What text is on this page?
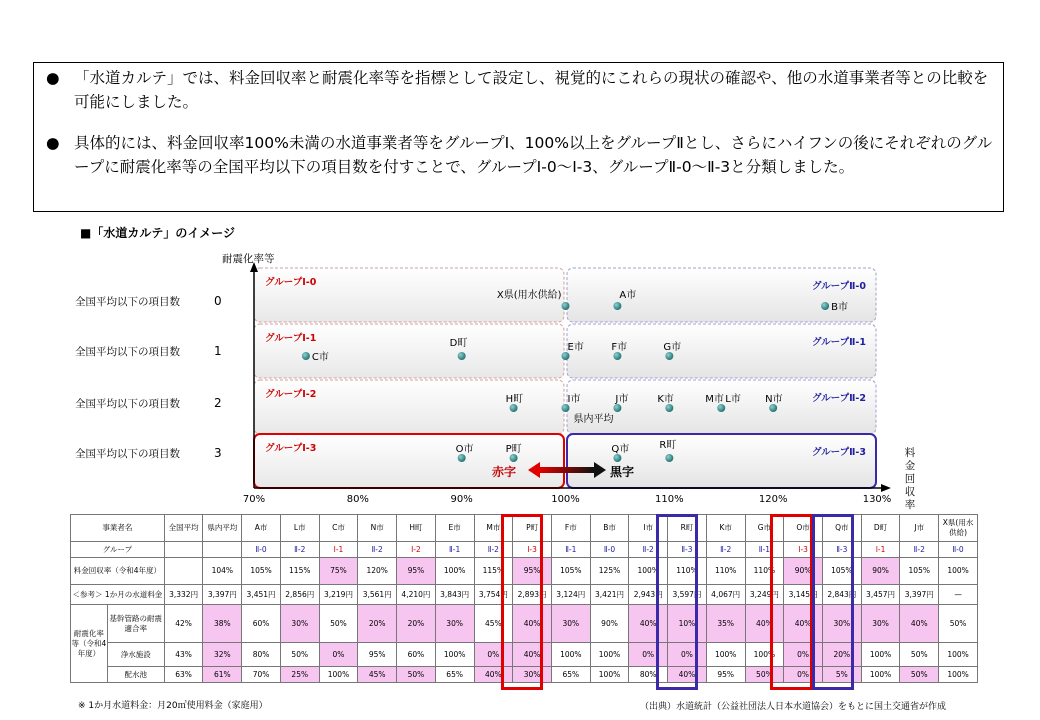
● 「水道カルテ」では、料金回収率と耐震化率等を指標として設定し、視覚的にこれらの現状の確認や、他の水道事業者等との比較を可能にしました。
● 具体的には、料金回収率100%未満の水道事業者等をグループⅠ、100%以上をグループⅡとし、さらにハイフンの後にそれぞれのグループに耐震化率等の全国平均以下の項目数を付すことで、グループⅠ-0〜Ⅰ-3、グループⅡ-0〜Ⅱ-3と分類しました。
■「水道カルテ」のイメージ
グループⅠ-0	グループⅡ-0
グループⅠ-1	グループⅡ-1
グループⅠ-2	グループⅡ-2
グループⅠ-3	グループⅡ-3
全国平均以下の項目数	0
全国平均以下の項目数	1
全国平均以下の項目数	2
全国平均以下の項目数	3
耐震化率等
料
金
回
収
率
70%	80%	90%	100%	110%	120%	130%
赤字	黒字
X県(用水供給)	A市
B市
C市
D町	E市	F市	G市
H町	I市
県内平均
J市	K市	M市 L市 N市
O市	P町	Q市	R町
事業者名		全国平均	県内平均	A市	L市	C市	N市	H町	E市	M市	P町	F市	B市	I市	R町	K市	G市	O市	Q市	D町	J市	X県(用水供給)
グループ				Ⅱ-0	Ⅱ-2	Ⅰ-1	Ⅱ-2	Ⅰ-2	Ⅱ-1	Ⅱ-2	Ⅰ-3	Ⅱ-1	Ⅱ-0	Ⅱ-2	Ⅱ-3	Ⅱ-2	Ⅱ-1	Ⅰ-3	Ⅱ-3	Ⅰ-1	Ⅱ-2	Ⅱ-0
料金回収率（令和4年度）			104%	105%	115%	75%	120%	95%	100%	115%	95%	105%	125%	100%	110%	110%	110%	90%	105%	90%	105%	100%
＜参考＞ 1か月の水道料金		3,332円	3,397円	3,451円	2,856円	3,219円	3,561円	4,210円	3,843円	3,754円	2,893円	3,124円	3,421円	2,943円	3,597円	4,067円	3,249円	3,145円	2,843円	3,457円	3,397円	—
耐震化率等（令和4年度）	基幹管路の耐震適合率	42%	38%	60%	30%	50%	20%	20%	30%	45%	40%	30%	90%	40%	10%	35%	40%	40%	30%	30%	40%	50%
	浄水施設	43%	32%	80%	50%	0%	95%	60%	100%	0%	40%	100%	100%	0%	0%	100%	100%	0%	20%	100%	50%	100%
	配水池	63%	61%	70%	25%	100%	45%	50%	65%	40%	30%	65%	100%	80%	40%	95%	50%	0%	5%	100%	50%	100%
※ 1か月水道料金：月20㎥使用料金（家庭用）	（出典）水道統計（公益社団法人日本水道協会）をもとに国土交通省が作成
